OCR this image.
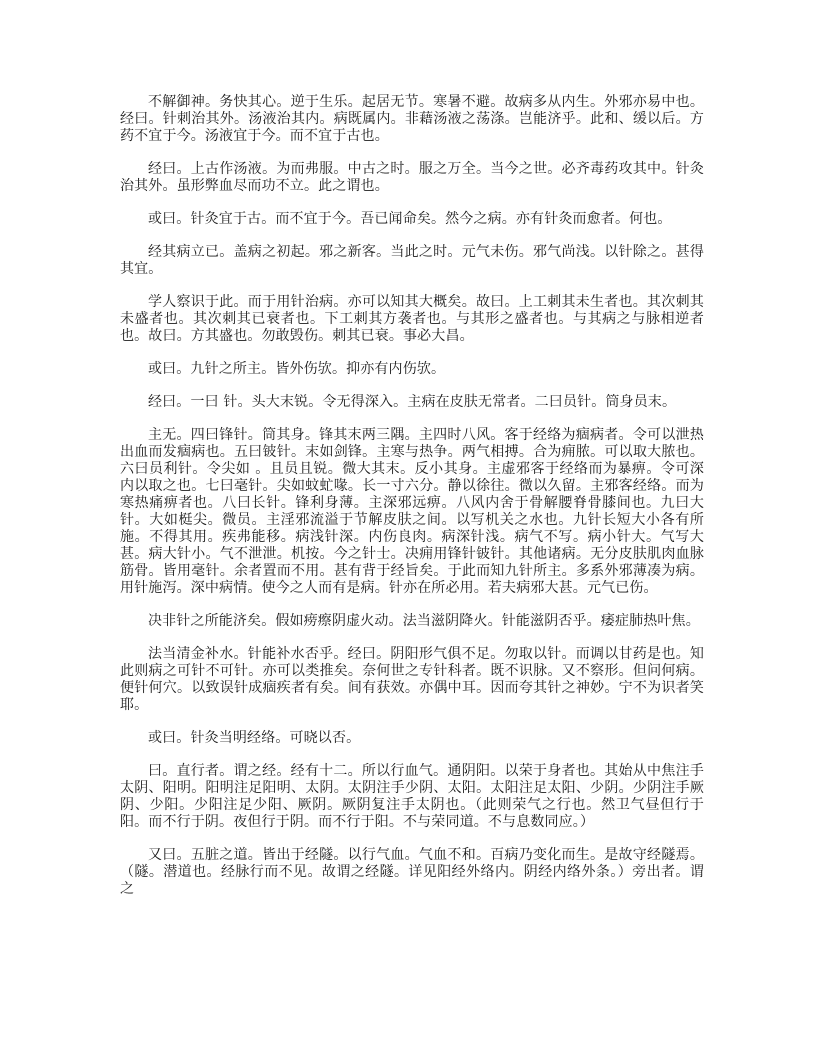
不解御神。务快其心。逆于生乐。起居无节。寒暑不避。故病多从内生。外邪亦易中也。经曰。针刺治其外。汤液治其内。病既属内。非藉汤液之荡涤。岂能济乎。此和、缓以后。方药不宜于今。汤液宜于今。而不宜于古也。

经曰。上古作汤液。为而弗服。中古之时。服之万全。当今之世。必齐毒药攻其中。针灸治其外。虽形弊血尽而功不立。此之谓也。

或曰。针灸宜于古。而不宜于今。吾已闻命矣。然今之病。亦有针灸而愈者。何也。

经其病立已。盖病之初起。邪之新客。当此之时。元气未伤。邪气尚浅。以针除之。甚得其宜。

学人察识于此。而于用针治病。亦可以知其大概矣。故曰。上工刺其未生者也。其次刺其未盛者也。其次刺其已衰者也。下工刺其方袭者也。与其形之盛者也。与其病之与脉相逆者也。故曰。方其盛也。勿敢毁伤。刺其已衰。事必大昌。

或曰。九针之所主。皆外伤欤。抑亦有内伤欤。

经曰。一曰 针。头大末锐。令无得深入。主病在皮肤无常者。二曰员针。筒身员末。

主无。四曰锋针。筒其身。锋其末两三隅。主四时八风。客于经络为痼病者。令可以泄热出血而发痼病也。五曰铍针。末如剑锋。主寒与热争。两气相搏。合为痈脓。可以取大脓也。六曰员利针。令尖如 。且员且锐。微大其末。反小其身。主虚邪客于经络而为暴痹。令可深内以取之也。七曰毫针。尖如蚊虻喙。长一寸六分。静以徐往。微以久留。主邪客经络。而为寒热痛痹者也。八曰长针。锋利身薄。主深邪远痹。八风内舍于骨解腰脊骨膝间也。九曰大针。大如梃尖。微员。主淫邪流溢于节解皮肤之间。以写机关之水也。九针长短大小各有所施。不得其用。疾弗能移。病浅针深。内伤良肉。病深针浅。病气不写。病小针大。气写大甚。病大针小。气不泄泄。机按。今之针士。决痈用锋针铍针。其他诸病。无分皮肤肌肉血脉筋骨。皆用毫针。余者置而不用。甚有背于经旨矣。于此而知九针所主。多系外邪薄凑为病。用针施泻。深中病情。使今之人而有是病。针亦在所必用。若夫病邪大甚。元气已伤。

决非针之所能济矣。假如痨瘵阴虚火动。法当滋阴降火。针能滋阴否乎。痿症肺热叶焦。

法当清金补水。针能补水否乎。经曰。阴阳形气俱不足。勿取以针。而调以甘药是也。知此则病之可针不可针。亦可以类推矣。奈何世之专针科者。既不识脉。又不察形。但问何病。便针何穴。以致误针成痼疾者有矣。间有获效。亦偶中耳。因而夸其针之神妙。宁不为识者笑耶。

或曰。针灸当明经络。可晓以否。

曰。直行者。谓之经。经有十二。所以行血气。通阴阳。以荣于身者也。其始从中焦注手太阴、阳明。阳明注足阳明、太阴。太阴注手少阴、太阳。太阳注足太阳、少阴。少阴注手厥阴、少阳。少阳注足少阳、厥阴。厥阴复注手太阴也。（此则荣气之行也。然卫气昼但行于阳。而不行于阴。夜但行于阴。而不行于阳。不与荣同道。不与息数同应。）

又曰。五脏之道。皆出于经隧。以行气血。气血不和。百病乃变化而生。是故守经隧焉。（隧。潜道也。经脉行而不见。故谓之经隧。详见阳经外络内。阴经内络外条。）旁出者。谓之
